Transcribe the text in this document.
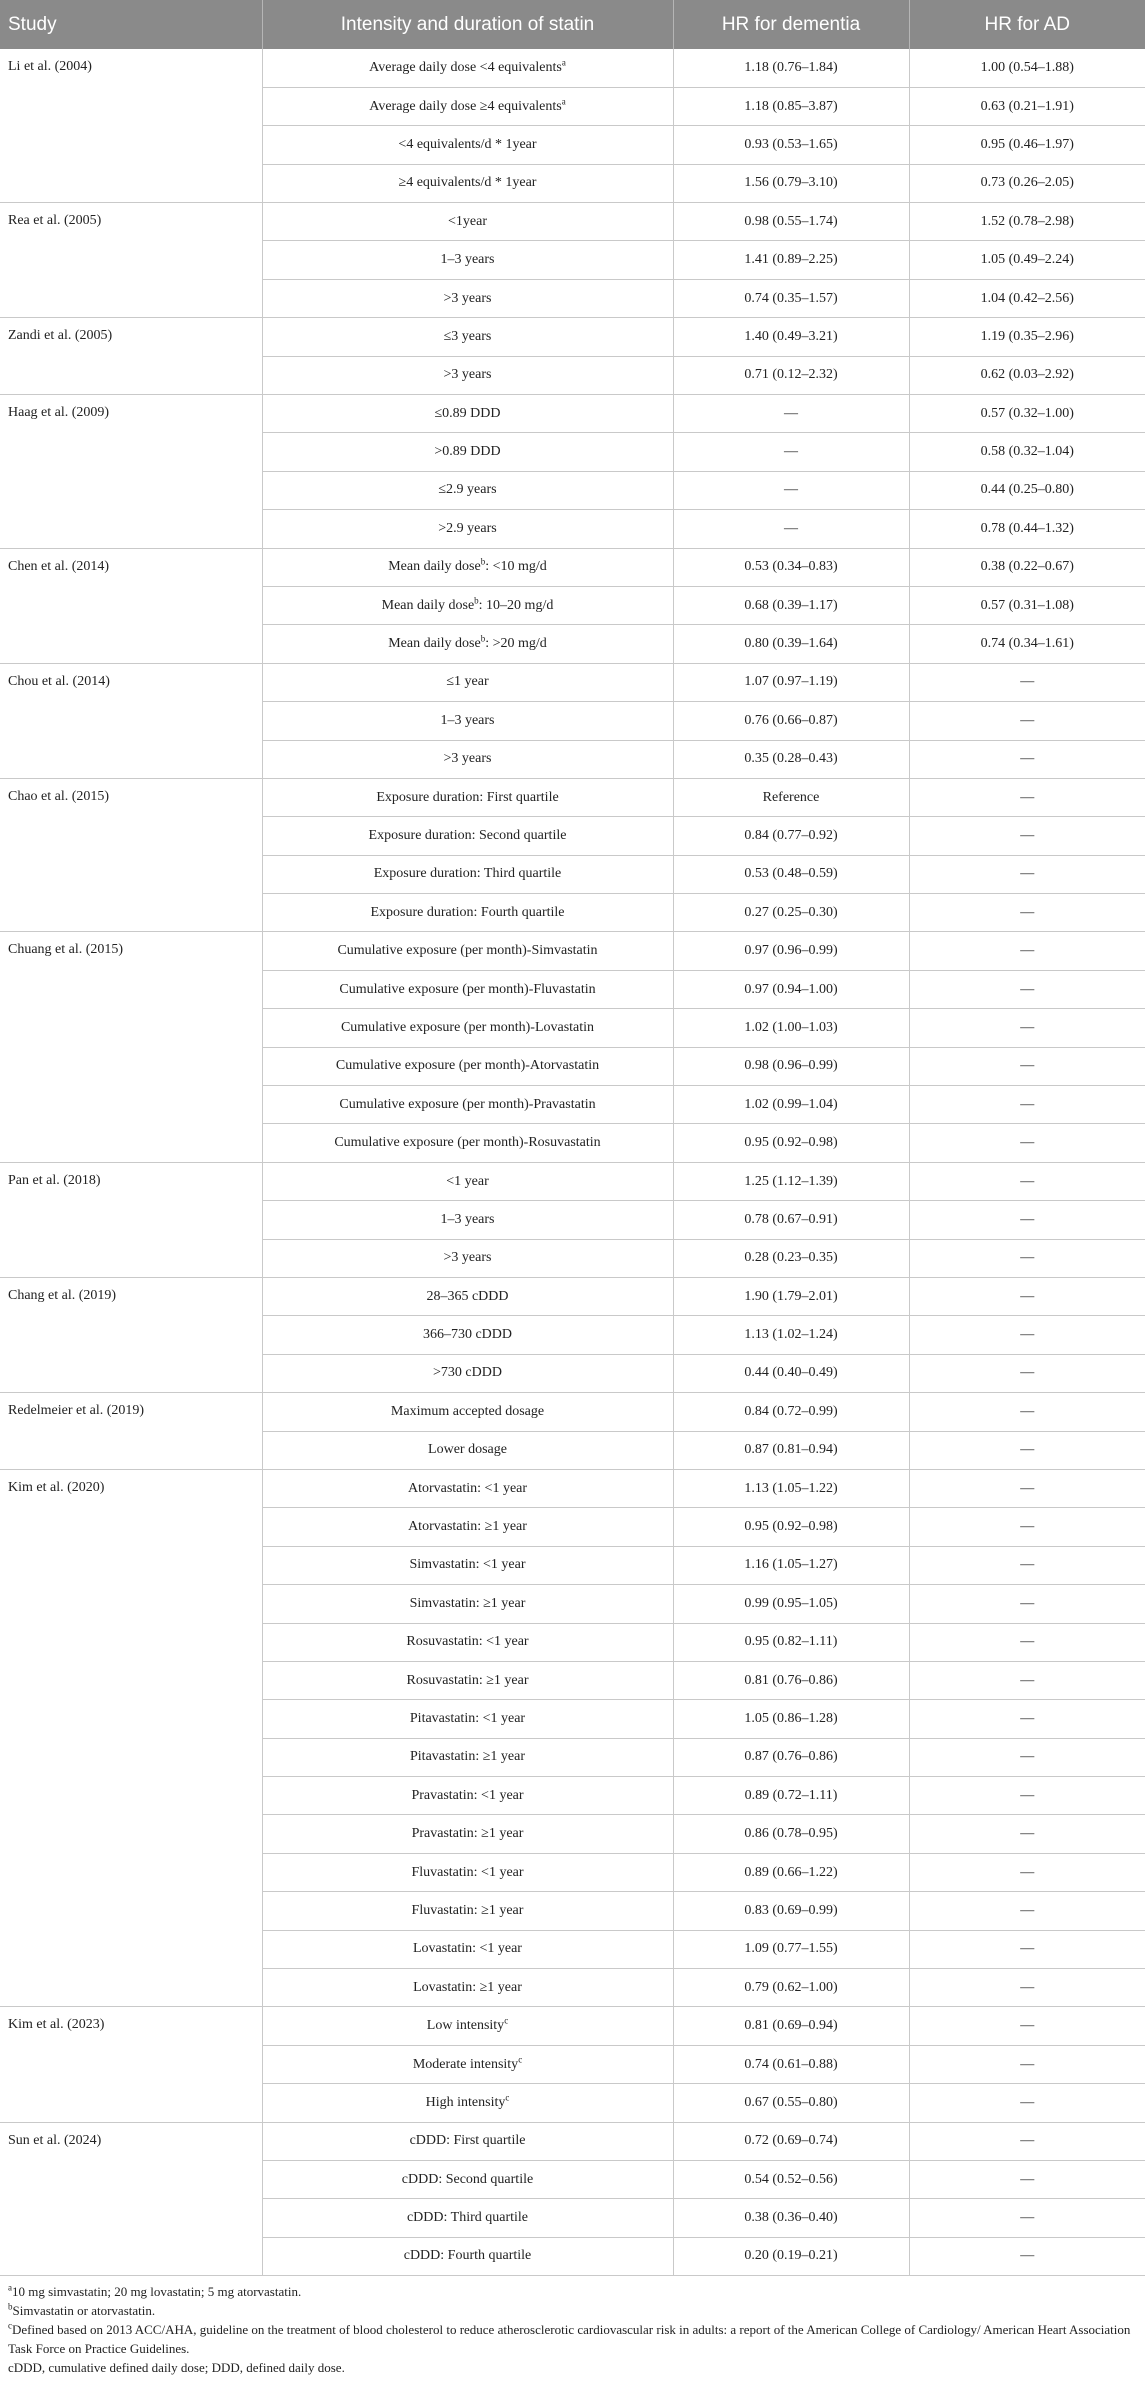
Study	Intensity and duration of statin	HR for dementia	HR for AD
Li et al. (2004)	Average daily dose <4 equivalents$^a$	1.18 (0.76–1.84)	1.00 (0.54–1.88)
	Average daily dose ≥4 equivalents$^a$	1.18 (0.85–3.87)	0.63 (0.21–1.91)
	<4 equivalents/d * 1year	0.93 (0.53–1.65)	0.95 (0.46–1.97)
	≥4 equivalents/d * 1year	1.56 (0.79–3.10)	0.73 (0.26–2.05)
Rea et al. (2005)	<1year	0.98 (0.55–1.74)	1.52 (0.78–2.98)
	1–3 years	1.41 (0.89–2.25)	1.05 (0.49–2.24)
	>3 years	0.74 (0.35–1.57)	1.04 (0.42–2.56)
Zandi et al. (2005)	≤3 years	1.40 (0.49–3.21)	1.19 (0.35–2.96)
	>3 years	0.71 (0.12–2.32)	0.62 (0.03–2.92)
Haag et al. (2009)	≤0.89 DDD	—	0.57 (0.32–1.00)
	>0.89 DDD	—	0.58 (0.32–1.04)
	≤2.9 years	—	0.44 (0.25–0.80)
	>2.9 years	—	0.78 (0.44–1.32)
Chen et al. (2014)	Mean daily dose$^b$: <10 mg/d	0.53 (0.34–0.83)	0.38 (0.22–0.67)
	Mean daily dose$^b$: 10–20 mg/d	0.68 (0.39–1.17)	0.57 (0.31–1.08)
	Mean daily dose$^b$: >20 mg/d	0.80 (0.39–1.64)	0.74 (0.34–1.61)
Chou et al. (2014)	≤1 year	1.07 (0.97–1.19)	—
	1–3 years	0.76 (0.66–0.87)	—
	>3 years	0.35 (0.28–0.43)	—
Chao et al. (2015)	Exposure duration: First quartile	Reference	—
	Exposure duration: Second quartile	0.84 (0.77–0.92)	—
	Exposure duration: Third quartile	0.53 (0.48–0.59)	—
	Exposure duration: Fourth quartile	0.27 (0.25–0.30)	—
Chuang et al. (2015)	Cumulative exposure (per month)-Simvastatin	0.97 (0.96–0.99)	—
	Cumulative exposure (per month)-Fluvastatin	0.97 (0.94–1.00)	—
	Cumulative exposure (per month)-Lovastatin	1.02 (1.00–1.03)	—
	Cumulative exposure (per month)-Atorvastatin	0.98 (0.96–0.99)	—
	Cumulative exposure (per month)-Pravastatin	1.02 (0.99–1.04)	—
	Cumulative exposure (per month)-Rosuvastatin	0.95 (0.92–0.98)	—
Pan et al. (2018)	<1 year	1.25 (1.12–1.39)	—
	1–3 years	0.78 (0.67–0.91)	—
	>3 years	0.28 (0.23–0.35)	—
Chang et al. (2019)	28–365 cDDD	1.90 (1.79–2.01)	—
	366–730 cDDD	1.13 (1.02–1.24)	—
	>730 cDDD	0.44 (0.40–0.49)	—
Redelmeier et al. (2019)	Maximum accepted dosage	0.84 (0.72–0.99)	—
	Lower dosage	0.87 (0.81–0.94)	—
Kim et al. (2020)	Atorvastatin: <1 year	1.13 (1.05–1.22)	—
	Atorvastatin: ≥1 year	0.95 (0.92–0.98)	—
	Simvastatin: <1 year	1.16 (1.05–1.27)	—
	Simvastatin: ≥1 year	0.99 (0.95–1.05)	—
	Rosuvastatin: <1 year	0.95 (0.82–1.11)	—
	Rosuvastatin: ≥1 year	0.81 (0.76–0.86)	—
	Pitavastatin: <1 year	1.05 (0.86–1.28)	—
	Pitavastatin: ≥1 year	0.87 (0.76–0.86)	—
	Pravastatin: <1 year	0.89 (0.72–1.11)	—
	Pravastatin: ≥1 year	0.86 (0.78–0.95)	—
	Fluvastatin: <1 year	0.89 (0.66–1.22)	—
	Fluvastatin: ≥1 year	0.83 (0.69–0.99)	—
	Lovastatin: <1 year	1.09 (0.77–1.55)	—
	Lovastatin: ≥1 year	0.79 (0.62–1.00)	—
Kim et al. (2023)	Low intensity$^c$	0.81 (0.69–0.94)	—
	Moderate intensity$^c$	0.74 (0.61–0.88)	—
	High intensity$^c$	0.67 (0.55–0.80)	—
Sun et al. (2024)	cDDD: First quartile	0.72 (0.69–0.74)	—
	cDDD: Second quartile	0.54 (0.52–0.56)	—
	cDDD: Third quartile	0.38 (0.36–0.40)	—
	cDDD: Fourth quartile	0.20 (0.19–0.21)	—

$^a$10 mg simvastatin; 20 mg lovastatin; 5 mg atorvastatin.

$^b$Simvastatin or atorvastatin.

$^c$Defined based on 2013 ACC/AHA, guideline on the treatment of blood cholesterol to reduce atherosclerotic cardiovascular risk in adults: a report of the American College of Cardiology/ American Heart Association Task Force on Practice Guidelines.

cDDD, cumulative defined daily dose; DDD, defined daily dose.
